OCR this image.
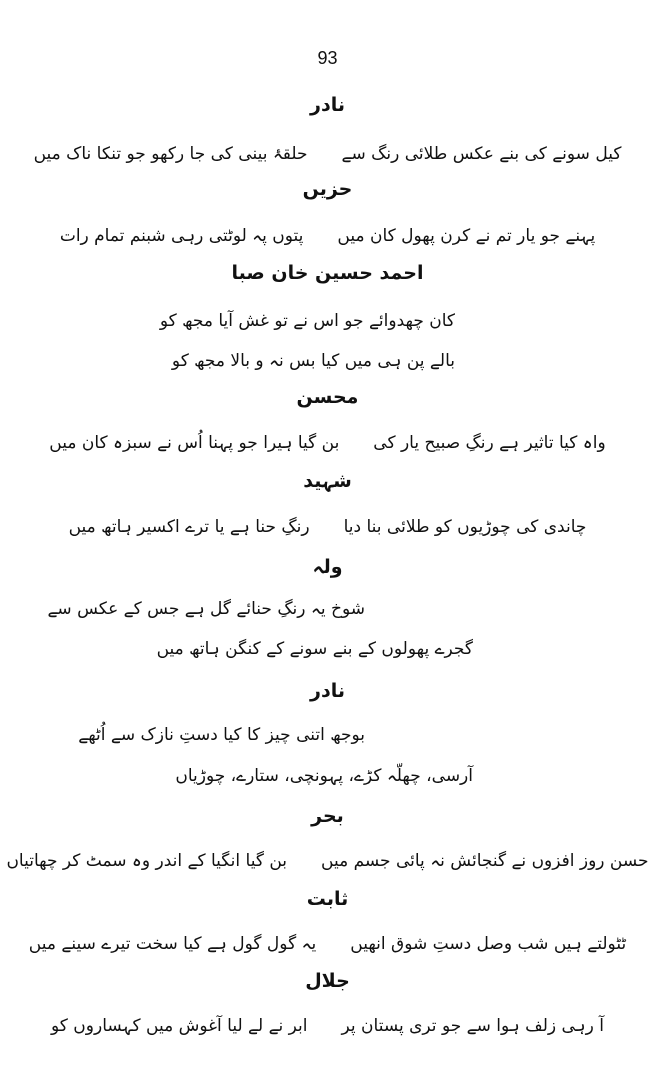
93
نادر
کیل سونے کی بنے عکس طلائی رنگ سےحلقۂ بینی کی جا رکھو جو تنکا ناک میں
حزیں
پہنے جو یار تم نے کرن پھول کان میںپتوں پہ لوٹتی رہی شبنم تمام رات
احمد حسین خان صبا
کان چھدوائے جو اس نے تو غش آیا مجھ کو
بالے پن ہی میں کیا بس نہ و بالا مجھ کو
محسن
واہ کیا تاثیر ہے رنگِ صبیح یار کیبن گیا ہیرا جو پہنا اُس نے سبزہ کان میں
شہید
چاندی کی چوڑیوں کو طلائی بنا دیارنگِ حنا ہے یا ترے اکسیر ہاتھ میں
ولہ
شوخ یہ رنگِ حنائے گل ہے جس کے عکس سے
گجرے پھولوں کے بنے سونے کے کنگن ہاتھ میں
نادر
بوجھ اتنی چیز کا کیا دستِ نازک سے اُٹھے
آرسی، چھلّہ کڑے، پہونچی، ستارے، چوڑیاں
بحر
حسن روز افزوں نے گنجائش نہ پائی جسم میںبن گیا انگیا کے اندر وہ سمٹ کر چھاتیاں
ثابت
ٹٹولتے ہیں شب وصل دستِ شوق انھیںیہ گول گول ہے کیا سخت تیرے سینے میں
جلال
آ رہی زلف ہوا سے جو تری پستان پرابر نے لے لیا آغوش میں کہساروں کو
